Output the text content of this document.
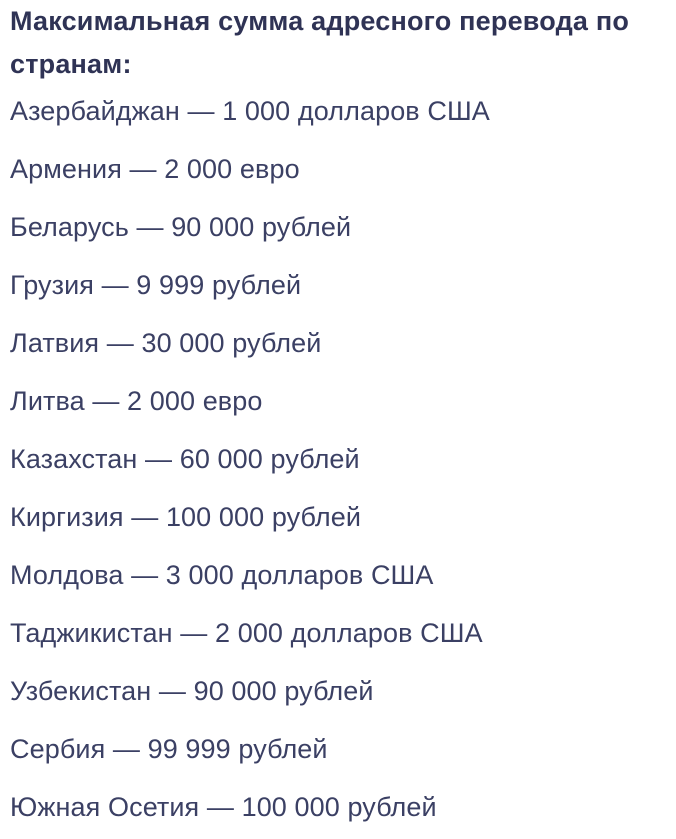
Максимальная сумма адресного перевода по странам:

Азербайджан — 1 000 долларов США

Армения — 2 000 евро

Беларусь — 90 000 рублей

Грузия — 9 999 рублей

Латвия — 30 000 рублей

Литва — 2 000 евро

Казахстан — 60 000 рублей

Киргизия — 100 000 рублей

Молдова — 3 000 долларов США

Таджикистан — 2 000 долларов США

Узбекистан — 90 000 рублей

Сербия — 99 999 рублей

Южная Осетия — 100 000 рублей
